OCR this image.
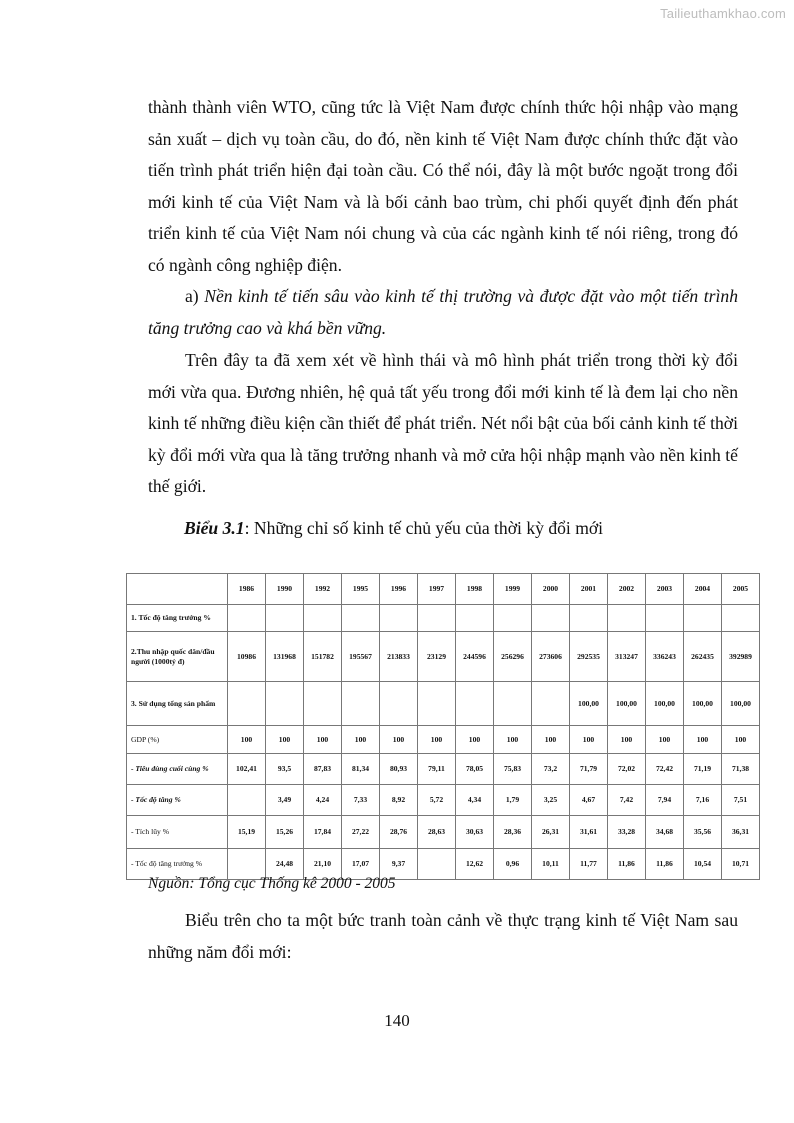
Tailieuthamkhao.com

thành thành viên WTO, cũng tức là Việt Nam được chính thức hội nhập vào mạng sản xuất – dịch vụ toàn cầu, do đó, nền kinh tế Việt Nam được chính thức đặt vào tiến trình phát triển hiện đại toàn cầu. Có thể nói, đây là một bước ngoặt trong đổi mới kinh tế của Việt Nam và là bối cảnh bao trùm, chi phối quyết định đến phát triển kinh tế của Việt Nam nói chung và của các ngành kinh tế nói riêng, trong đó có ngành công nghiệp điện.

a) Nền kinh tế tiến sâu vào kinh tế thị trường và được đặt vào một tiến trình tăng trưởng cao và khá bền vững.

Trên đây ta đã xem xét về hình thái và mô hình phát triển trong thời kỳ đổi mới vừa qua. Đương nhiên, hệ quả tất yếu trong đổi mới kinh tế là đem lại cho nền kinh tế những điều kiện cần thiết để phát triển. Nét nổi bật của bối cảnh kinh tế thời kỳ đổi mới vừa qua là tăng trưởng nhanh và mở cửa hội nhập mạnh vào nền kinh tế thế giới.

Biểu 3.1: Những chỉ số kinh tế chủ yếu của thời kỳ đổi mới

	1986	1990	1992	1995	1996	1997	1998	1999	2000	2001	2002	2003	2004	2005
1. Tốc độ tăng trưởng %														
2.Thu nhập quốc dân/đầu người (1000tỷ đ)	10986	131968	151782	195567	213833	23129	244596	256296	273606	292535	313247	336243	262435	392989
3. Sử dụng tổng sản phẩm										100,00	100,00	100,00	100,00	100,00
GDP (%)	100	100	100	100	100	100	100	100	100	100	100	100	100	100
- Tiêu dùng cuối cùng %	102,41	93,5	87,83	81,34	80,93	79,11	78,05	75,83	73,2	71,79	72,02	72,42	71,19	71,38
- Tốc độ tăng %		3,49	4,24	7,33	8,92	5,72	4,34	1,79	3,25	4,67	7,42	7,94	7,16	7,51
- Tích lũy %	15,19	15,26	17,84	27,22	28,76	28,63	30,63	28,36	26,31	31,61	33,28	34,68	35,56	36,31
- Tốc độ tăng trưởng %		24,48	21,10	17,07	9,37		12,62	0,96	10,11	11,77	11,86	11,86	10,54	10,71

Nguồn: Tổng cục Thống kê 2000 - 2005

Biểu trên cho ta một bức tranh toàn cảnh về thực trạng kinh tế Việt Nam sau những năm đổi mới:

140
